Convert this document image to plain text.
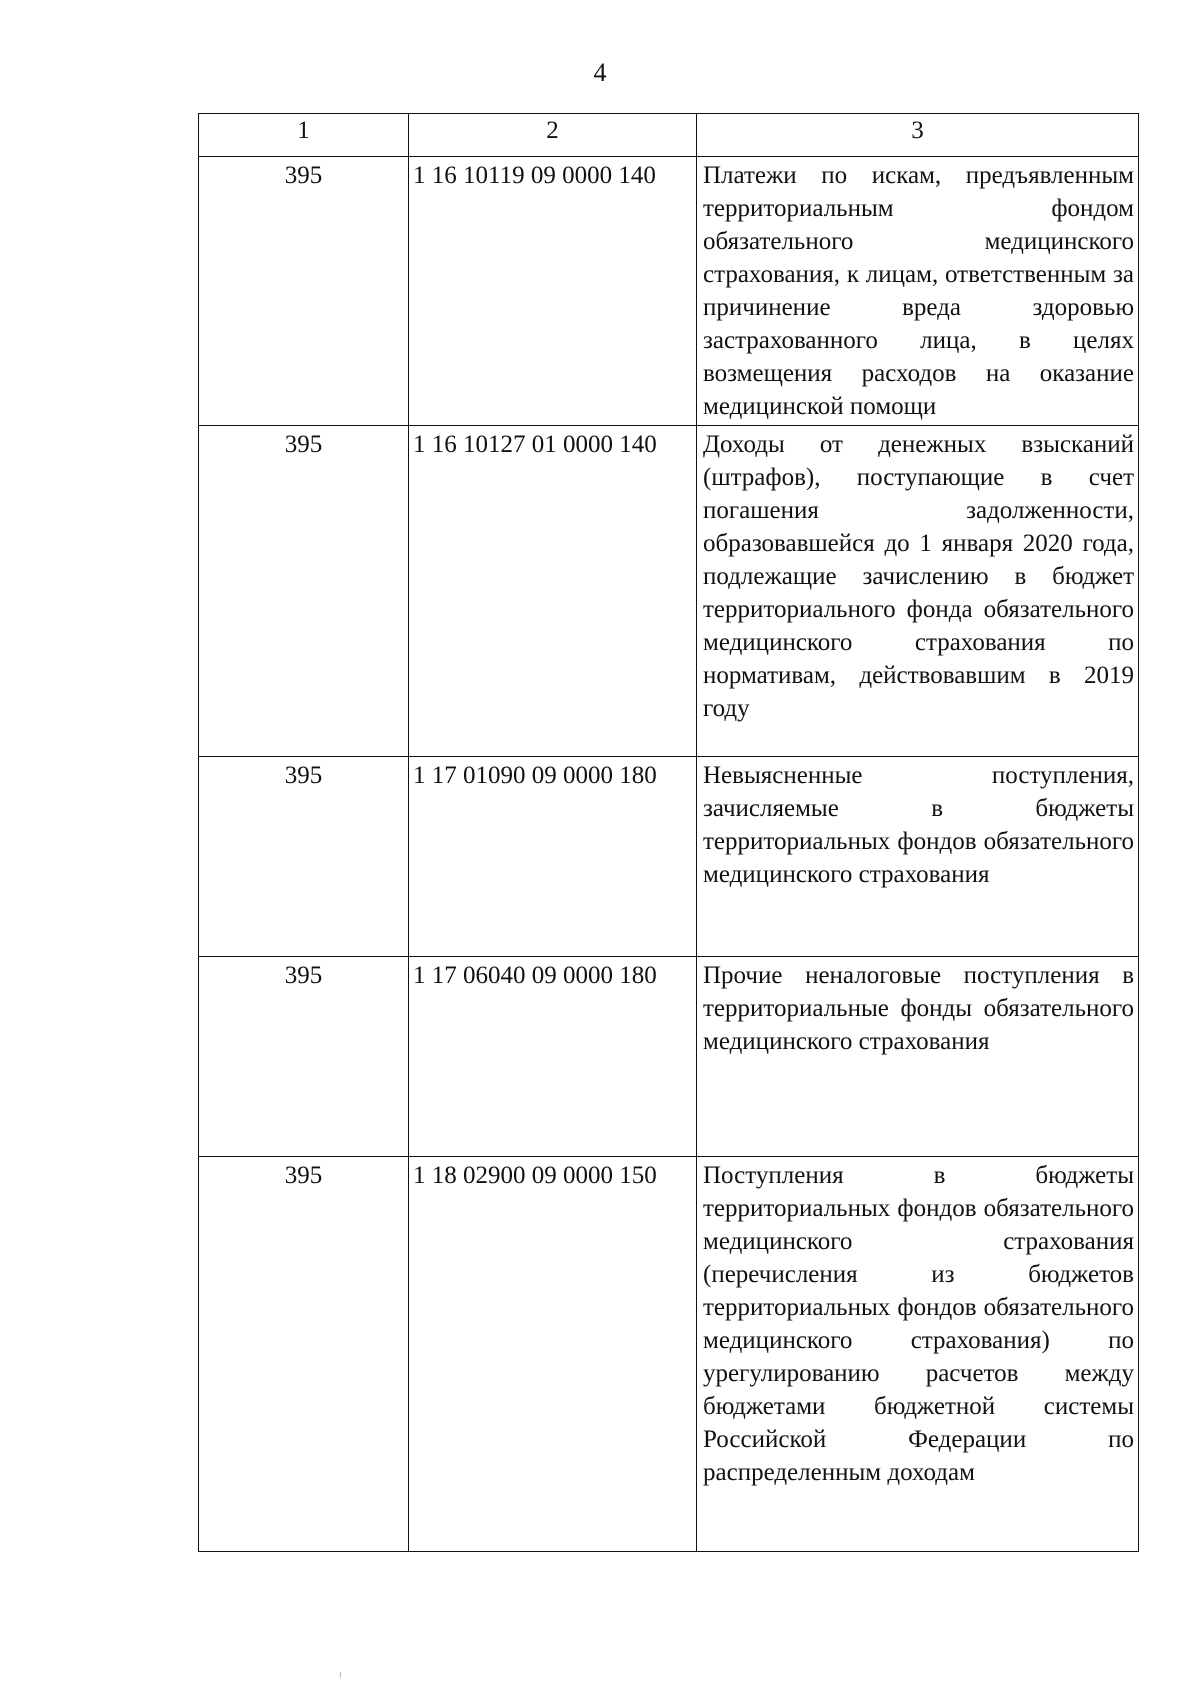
4
1	2	3
395	1 16 10119 09 0000 140	Платежи по искам, предъявленным территориальным фондом обязательного медицинского страхования, к лицам, ответственным за причинение вреда здоровью застрахованного лица, в целях возмещения расходов на оказание медицинской помощи
395	1 16 10127 01 0000 140	Доходы от денежных взысканий (штрафов), поступающие в счет погашения задолженности, образовавшейся до 1 января 2020 года, подлежащие зачислению в бюджет территориального фонда обязательного медицинского страхования по нормативам, действовавшим в 2019 году
395	1 17 01090 09 0000 180	Невыясненные поступления, зачисляемые в бюджеты территориальных фондов обязательного медицинского страхования
395	1 17 06040 09 0000 180	Прочие неналоговые поступления в территориальные фонды обязательного медицинского страхования
395	1 18 02900 09 0000 150	Поступления в бюджеты территориальных фондов обязательного медицинского страхования (перечисления из бюджетов территориальных фондов обязательного медицинского страхования) по урегулированию расчетов между бюджетами бюджетной системы Российской Федерации по распределенным доходам
